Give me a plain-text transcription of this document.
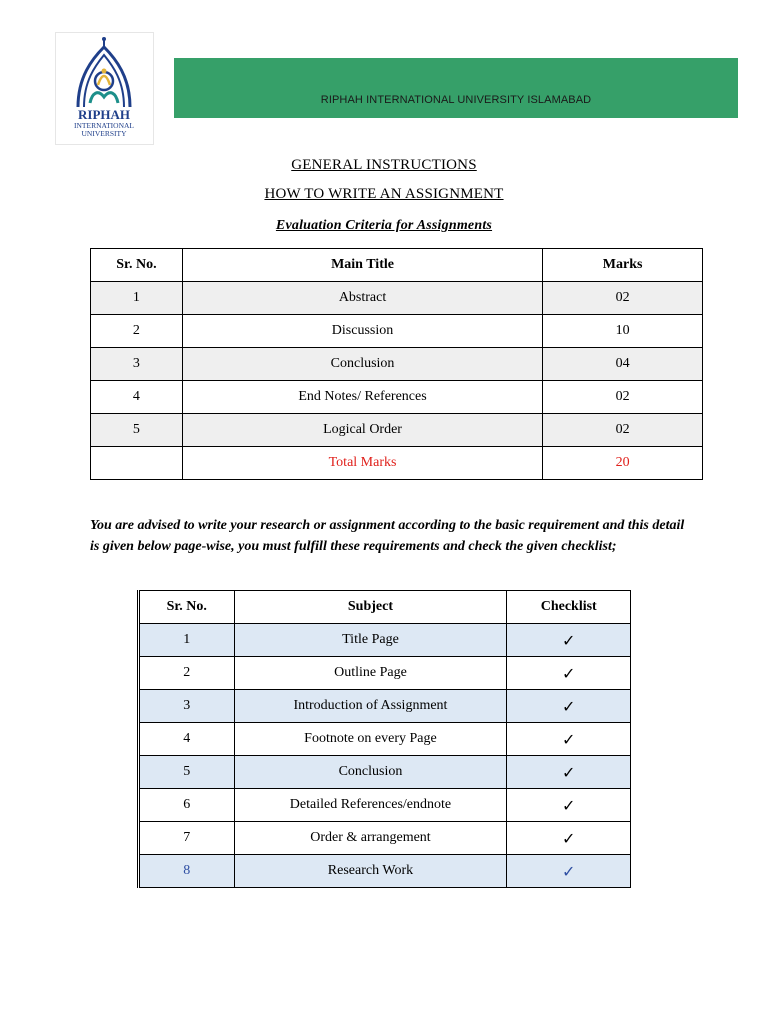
RIPHAH
INTERNATIONAL
UNIVERSITY
RIPHAH INTERNATIONAL UNIVERSITY ISLAMABAD
GENERAL INSTRUCTIONS
HOW TO WRITE AN ASSIGNMENT
Evaluation Criteria for Assignments
Sr. No.	Main Title	Marks
1	Abstract	02
2	Discussion	10
3	Conclusion	04
4	End Notes/ References	02
5	Logical Order	02
	Total Marks	20
You are advised to write your research or assignment according to the basic requirement and this detail is given below page-wise, you must fulfill these requirements and check the given checklist;
Sr. No.	Subject	Checklist
1	Title Page	✓
2	Outline Page	✓
3	Introduction of Assignment	✓
4	Footnote on every Page	✓
5	Conclusion	✓
6	Detailed References/endnote	✓
7	Order & arrangement	✓
8	Research Work	✓
